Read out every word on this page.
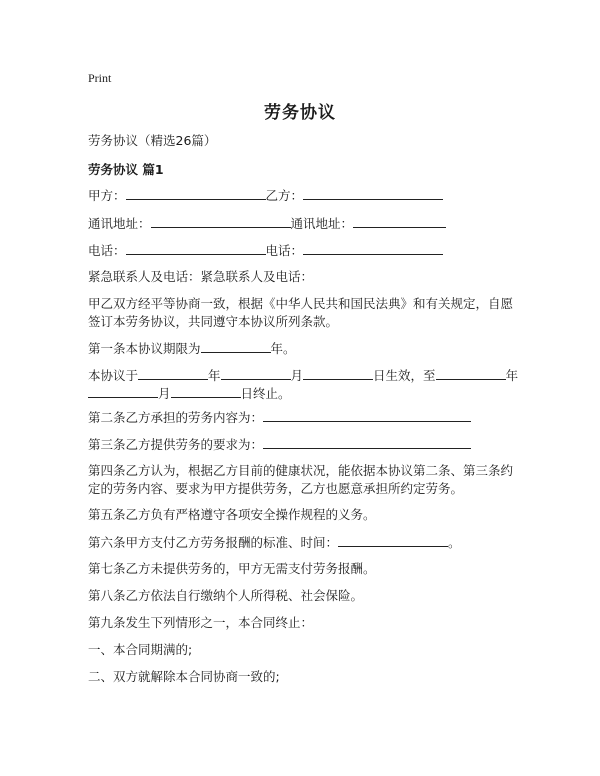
Print
劳务协议
劳务协议（精选26篇）
劳务协议 篇1
甲方：	乙方：
通讯地址：	通讯地址：
电话：	电话：
紧急联系人及电话：紧急联系人及电话：
甲乙双方经平等协商一致，根据《中华人民共和国民法典》和有关规定，自愿签订本劳务协议，共同遵守本协议所列条款。
第一条本协议期限为	年。
本协议于	年	月	日生效，至	年
月	日终止。
第二条乙方承担的劳务内容为：
第三条乙方提供劳务的要求为：
第四条乙方认为，根据乙方目前的健康状况，能依据本协议第二条、第三条约定的劳务内容、要求为甲方提供劳务，乙方也愿意承担所约定劳务。
第五条乙方负有严格遵守各项安全操作规程的义务。
第六条甲方支付乙方劳务报酬的标准、时间：	。
第七条乙方未提供劳务的，甲方无需支付劳务报酬。
第八条乙方依法自行缴纳个人所得税、社会保险。
第九条发生下列情形之一，本合同终止：
一、本合同期满的;
二、双方就解除本合同协商一致的;
